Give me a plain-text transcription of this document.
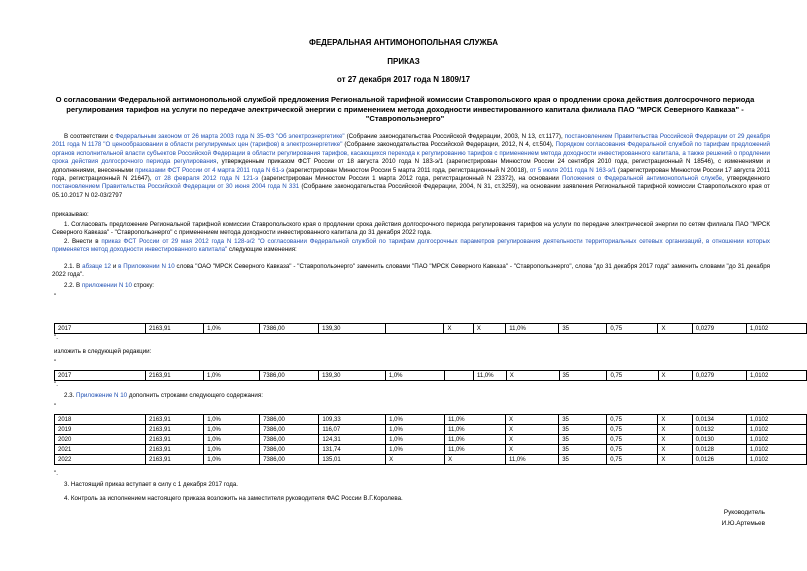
ФЕДЕРАЛЬНАЯ АНТИМОНОПОЛЬНАЯ СЛУЖБА
ПРИКАЗ
от 27 декабря 2017 года N 1809/17
О согласовании Федеральной антимонопольной службой предложения Региональной тарифной комиссии Ставропольского края о продлении срока действия долгосрочного периода регулирования тарифов на услуги по передаче электрической энергии с применением метода доходности инвестированного капитала филиала ПАО "МРСК Северного Кавказа" - "Ставропольэнерго"
В соответствии с Федеральным законом от 26 марта 2003 года N 35-ФЗ "Об электроэнергетике" (Собрание законодательства Российской Федерации, 2003, N 13, ст.1177), постановлением Правительства Российской Федерации от 29 декабря 2011 года N 1178 "О ценообразовании в области регулируемых цен (тарифов) в электроэнергетике" (Собрание законодательства Российской Федерации, 2012, N 4, ст.504), Порядком согласования Федеральной службой по тарифам предложений органов исполнительной власти субъектов Российской Федерации в области регулирования тарифов, касающихся перехода к регулированию тарифов с применением метода доходности инвестированного капитала, а также решений о продлении срока действия долгосрочного периода регулирования, утвержденным приказом ФСТ России от 18 августа 2010 года N 183-э/1 (зарегистрирован Минюстом России 24 сентября 2010 года, регистрационный N 18546), с изменениями и дополнениями, внесенными приказами ФСТ России от 4 марта 2011 года N 61-э (зарегистрирован Минюстом России 5 марта 2011 года, регистрационный N 20018), от 5 июля 2011 года N 163-э/1 (зарегистрирован Минюстом России 17 августа 2011 года, регистрационный N 21647), от 28 февраля 2012 года N 121-э (зарегистрирован Минюстом России 1 марта 2012 года, регистрационный N 23372), на основании Положения о Федеральной антимонопольной службе, утвержденного постановлением Правительства Российской Федерации от 30 июня 2004 года N 331 (Собрание законодательства Российской Федерации, 2004, N 31, ст.3259), на основании заявления Региональной тарифной комиссии Ставропольского края от 05.10.2017 N 02-03/2797
приказываю:
1. Согласовать предложение Региональной тарифной комиссии Ставропольского края о продлении срока действия долгосрочного периода регулирования тарифов на услуги по передаче электрической энергии по сетям филиала ПАО "МРСК Северного Кавказа" - "Ставропольэнерго" с применением метода доходности инвестированного капитала до 31 декабря 2022 года.
2. Внести в приказ ФСТ России от 29 мая 2012 года N 128-э/2 "О согласовании Федеральной службой по тарифам долгосрочных параметров регулирования деятельности территориальных сетевых организаций, в отношении которых применяется метод доходности инвестированного капитала" следующие изменения:
2.1. В абзаце 12 и в Приложении N 10 слова "ОАО "МРСК Северного Кавказа" - "Ставропольэнерго" заменить словами "ПАО "МРСК Северного Кавказа" - "Ставропольэнерго", слова "до 31 декабря 2017 года" заменить словами "до 31 декабря 2022 года".
2.2. В приложении N 10 строку:
"
2017	2163,91	1,0%	7386,00	139,30		X	X	11,0%	35	0,75	X	0,0279	1,0102
".
изложить в следующей редакции:
"
2017	2163,91	1,0%	7386,00	139,30	1,0%		11,0%	X	35	0,75	X	0,0279	1,0102
".
2.3. Приложение N 10 дополнить строками следующего содержания:
"
2018	2163,91	1,0%	7386,00	109,33	1,0%	11,0%	X	35	0,75	X	0,0134	1,0102
2019	2163,91	1,0%	7386,00	116,07	1,0%	11,0%	X	35	0,75	X	0,0132	1,0102
2020	2163,91	1,0%	7386,00	124,31	1,0%	11,0%	X	35	0,75	X	0,0130	1,0102
2021	2163,91	1,0%	7386,00	131,74	1,0%	11,0%	X	35	0,75	X	0,0128	1,0102
2022	2163,91	1,0%	7386,00	135,01	X	X	11,0%	35	0,75	X	0,0126	1,0102
".
3. Настоящий приказ вступает в силу с 1 декабря 2017 года.
4. Контроль за исполнением настоящего приказа возложить на заместителя руководителя ФАС России В.Г.Королева.
Руководитель
И.Ю.Артемьев
